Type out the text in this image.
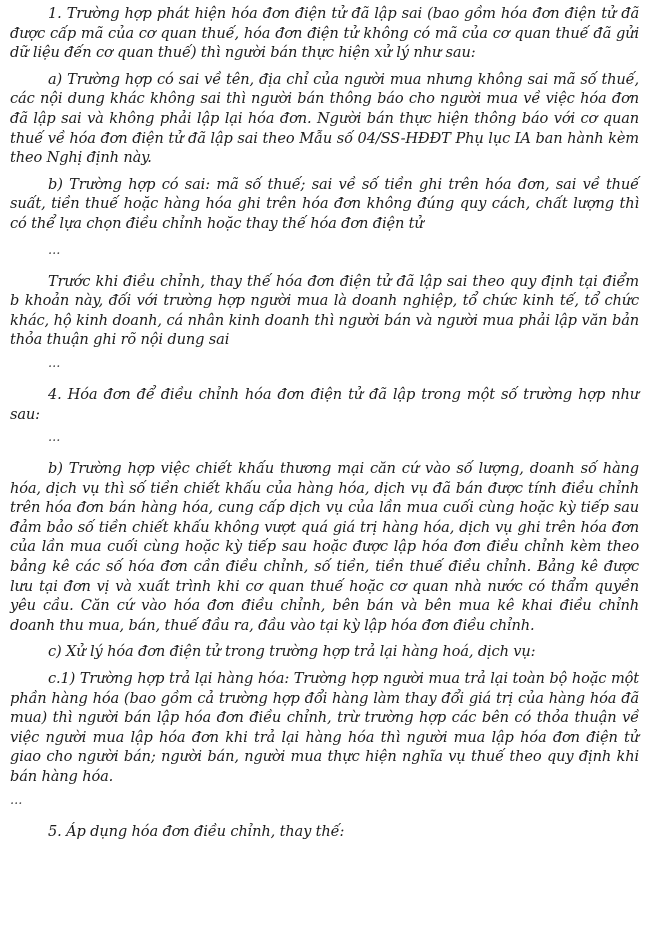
1. Trường hợp phát hiện hóa đơn điện tử đã lập sai (bao gồm hóa đơn điện tử đã được cấp mã của cơ quan thuế, hóa đơn điện tử không có mã của cơ quan thuế đã gửi dữ liệu đến cơ quan thuế) thì người bán thực hiện xử lý như sau:

a) Trường hợp có sai về tên, địa chỉ của người mua nhưng không sai mã số thuế, các nội dung khác không sai thì người bán thông báo cho người mua về việc hóa đơn đã lập sai và không phải lập lại hóa đơn. Người bán thực hiện thông báo với cơ quan thuế về hóa đơn điện tử đã lập sai theo Mẫu số 04/SS-HĐĐT Phụ lục IA ban hành kèm theo Nghị định này.

b) Trường hợp có sai: mã số thuế; sai về số tiền ghi trên hóa đơn, sai về thuế suất, tiền thuế hoặc hàng hóa ghi trên hóa đơn không đúng quy cách, chất lượng thì có thể lựa chọn điều chỉnh hoặc thay thế hóa đơn điện tử

...

Trước khi điều chỉnh, thay thế hóa đơn điện tử đã lập sai theo quy định tại điểm b khoản này, đối với trường hợp người mua là doanh nghiệp, tổ chức kinh tế, tổ chức khác, hộ kinh doanh, cá nhân kinh doanh thì người bán và người mua phải lập văn bản thỏa thuận ghi rõ nội dung sai

...

4. Hóa đơn để điều chỉnh hóa đơn điện tử đã lập trong một số trường hợp như sau:

...

b) Trường hợp việc chiết khấu thương mại căn cứ vào số lượng, doanh số hàng hóa, dịch vụ thì số tiền chiết khấu của hàng hóa, dịch vụ đã bán được tính điều chỉnh trên hóa đơn bán hàng hóa, cung cấp dịch vụ của lần mua cuối cùng hoặc kỳ tiếp sau đảm bảo số tiền chiết khấu không vượt quá giá trị hàng hóa, dịch vụ ghi trên hóa đơn của lần mua cuối cùng hoặc kỳ tiếp sau hoặc được lập hóa đơn điều chỉnh kèm theo bảng kê các số hóa đơn cần điều chỉnh, số tiền, tiền thuế điều chỉnh. Bảng kê được lưu tại đơn vị và xuất trình khi cơ quan thuế hoặc cơ quan nhà nước có thẩm quyền yêu cầu. Căn cứ vào hóa đơn điều chỉnh, bên bán và bên mua kê khai điều chỉnh doanh thu mua, bán, thuế đầu ra, đầu vào tại kỳ lập hóa đơn điều chỉnh.

c) Xử lý hóa đơn điện tử trong trường hợp trả lại hàng hoá, dịch vụ:

c.1) Trường hợp trả lại hàng hóa: Trường hợp người mua trả lại toàn bộ hoặc một phần hàng hóa (bao gồm cả trường hợp đổi hàng làm thay đổi giá trị của hàng hóa đã mua) thì người bán lập hóa đơn điều chỉnh, trừ trường hợp các bên có thỏa thuận về việc người mua lập hóa đơn khi trả lại hàng hóa thì người mua lập hóa đơn điện tử giao cho người bán; người bán, người mua thực hiện nghĩa vụ thuế theo quy định khi bán hàng hóa.

...

5. Áp dụng hóa đơn điều chỉnh, thay thế:
